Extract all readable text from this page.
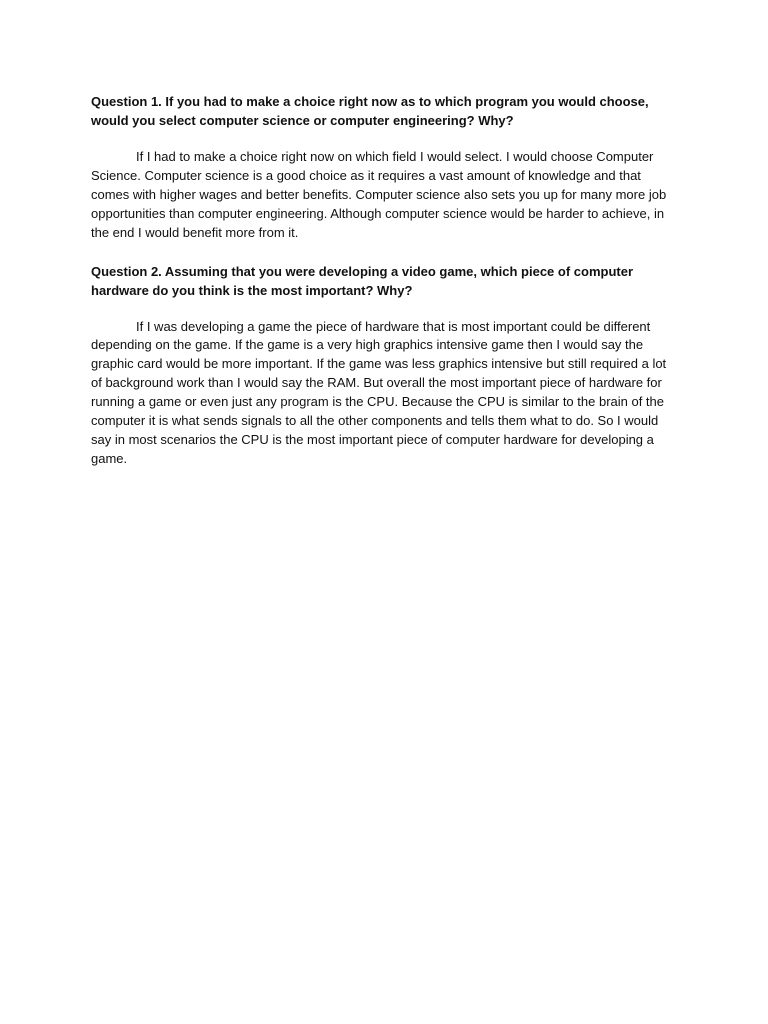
Question 1. If you had to make a choice right now as to which program you would choose, would you select computer science or computer engineering? Why?

If I had to make a choice right now on which field I would select. I would choose Computer Science. Computer science is a good choice as it requires a vast amount of knowledge and that comes with higher wages and better benefits. Computer science also sets you up for many more job opportunities than computer engineering. Although computer science would be harder to achieve, in the end I would benefit more from it.

Question 2. Assuming that you were developing a video game, which piece of computer hardware do you think is the most important? Why?

If I was developing a game the piece of hardware that is most important could be different depending on the game. If the game is a very high graphics intensive game then I would say the graphic card would be more important. If the game was less graphics intensive but still required a lot of background work than I would say the RAM. But overall the most important piece of hardware for running a game or even just any program is the CPU. Because the CPU is similar to the brain of the computer it is what sends signals to all the other components and tells them what to do. So I would say in most scenarios the CPU is the most important piece of computer hardware for developing a game.
